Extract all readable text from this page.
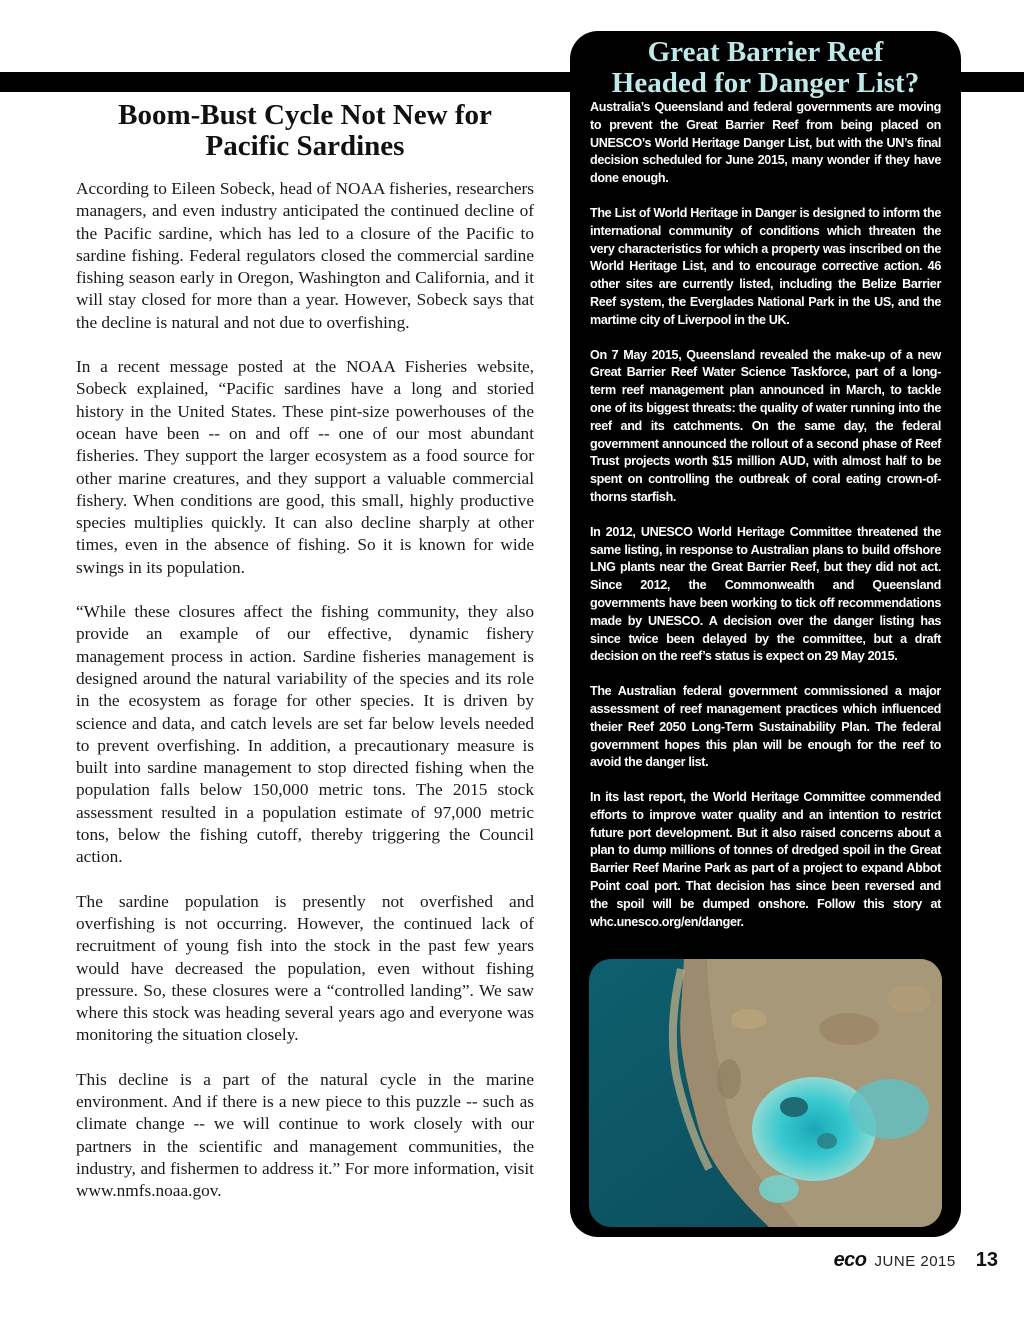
Boom-Bust Cycle Not New for
Pacific Sardines

According to Eileen Sobeck, head of NOAA fisheries, researchers managers, and even industry anticipated the continued decline of the Pacific sardine, which has led to a closure of the Pacific to sardine fishing. Federal regulators closed the commercial sardine fishing season early in Oregon, Washington and California, and it will stay closed for more than a year. However, Sobeck says that the decline is natural and not due to overfishing.

In a recent message posted at the NOAA Fisheries website, Sobeck explained, “Pacific sardines have a long and storied history in the United States. These pint-size powerhouses of the ocean have been -- on and off -- one of our most abundant fisheries. They support the larger ecosystem as a food source for other marine creatures, and they support a valuable commercial fishery. When conditions are good, this small, highly productive species multiplies quickly. It can also decline sharply at other times, even in the absence of fishing. So it is known for wide swings in its population.

“While these closures affect the fishing community, they also provide an example of our effective, dynamic fishery management process in action. Sardine fisheries management is designed around the natural variability of the species and its role in the ecosystem as forage for other species. It is driven by science and data, and catch levels are set far below levels needed to prevent overfishing. In addition, a precautionary measure is built into sardine management to stop directed fishing when the population falls below 150,000 metric tons. The 2015 stock assessment resulted in a population estimate of 97,000 metric tons, below the fishing cutoff, thereby triggering the Council action.

The sardine population is presently not overfished and overfishing is not occurring. However, the continued lack of recruitment of young fish into the stock in the past few years would have decreased the population, even without fishing pressure. So, these closures were a “controlled landing”. We saw where this stock was heading several years ago and everyone was monitoring the situation closely.

This decline is a part of the natural cycle in the marine environment. And if there is a new piece to this puzzle -- such as climate change -- we will continue to work closely with our partners in the scientific and management communities, the industry, and fishermen to address it.” For more information, visit www.nmfs.noaa.gov.

Great Barrier Reef
Headed for Danger List?

Australia’s Queensland and federal governments are moving to prevent the Great Barrier Reef from being placed on UNESCO’s World Heritage Danger List, but with the UN’s final decision scheduled for June 2015, many wonder if they have done enough.

The List of World Heritage in Danger is designed to inform the international community of conditions which threaten the very characteristics for which a property was inscribed on the World Heritage List, and to encourage corrective action. 46 other sites are currently listed, including the Belize Barrier Reef system, the Everglades National Park in the US, and the martime city of Liverpool in the UK.

On 7 May 2015, Queensland revealed the make-up of a new Great Barrier Reef Water Science Taskforce, part of a long-term reef management plan announced in March, to tackle one of its biggest threats: the quality of water running into the reef and its catchments. On the same day, the federal government announced the rollout of a second phase of Reef Trust projects worth $15 million AUD, with almost half to be spent on controlling the outbreak of coral eating crown-of-thorns starfish.

In 2012, UNESCO World Heritage Committee threatened the same listing, in response to Australian plans to build offshore LNG plants near the Great Barrier Reef, but they did not act. Since 2012, the Commonwealth and Queensland governments have been working to tick off recommendations made by UNESCO. A decision over the danger listing has since twice been delayed by the committee, but a draft decision on the reef’s status is expect on 29 May 2015.

The Australian federal government commissioned a major assessment of reef management practices which influenced theier Reef 2050 Long-Term Sustainability Plan. The federal government hopes this plan will be enough for the reef to avoid the danger list.

In its last report, the World Heritage Committee commended efforts to improve water quality and an intention to restrict future port development. But it also raised concerns about a plan to dump millions of tonnes of dredged spoil in the Great Barrier Reef Marine Park as part of a project to expand Abbot Point coal port. That decision has since been reversed and the spoil will be dumped onshore. Follow this story at whc.unesco.org/en/danger.

eco JUNE 2015 13
